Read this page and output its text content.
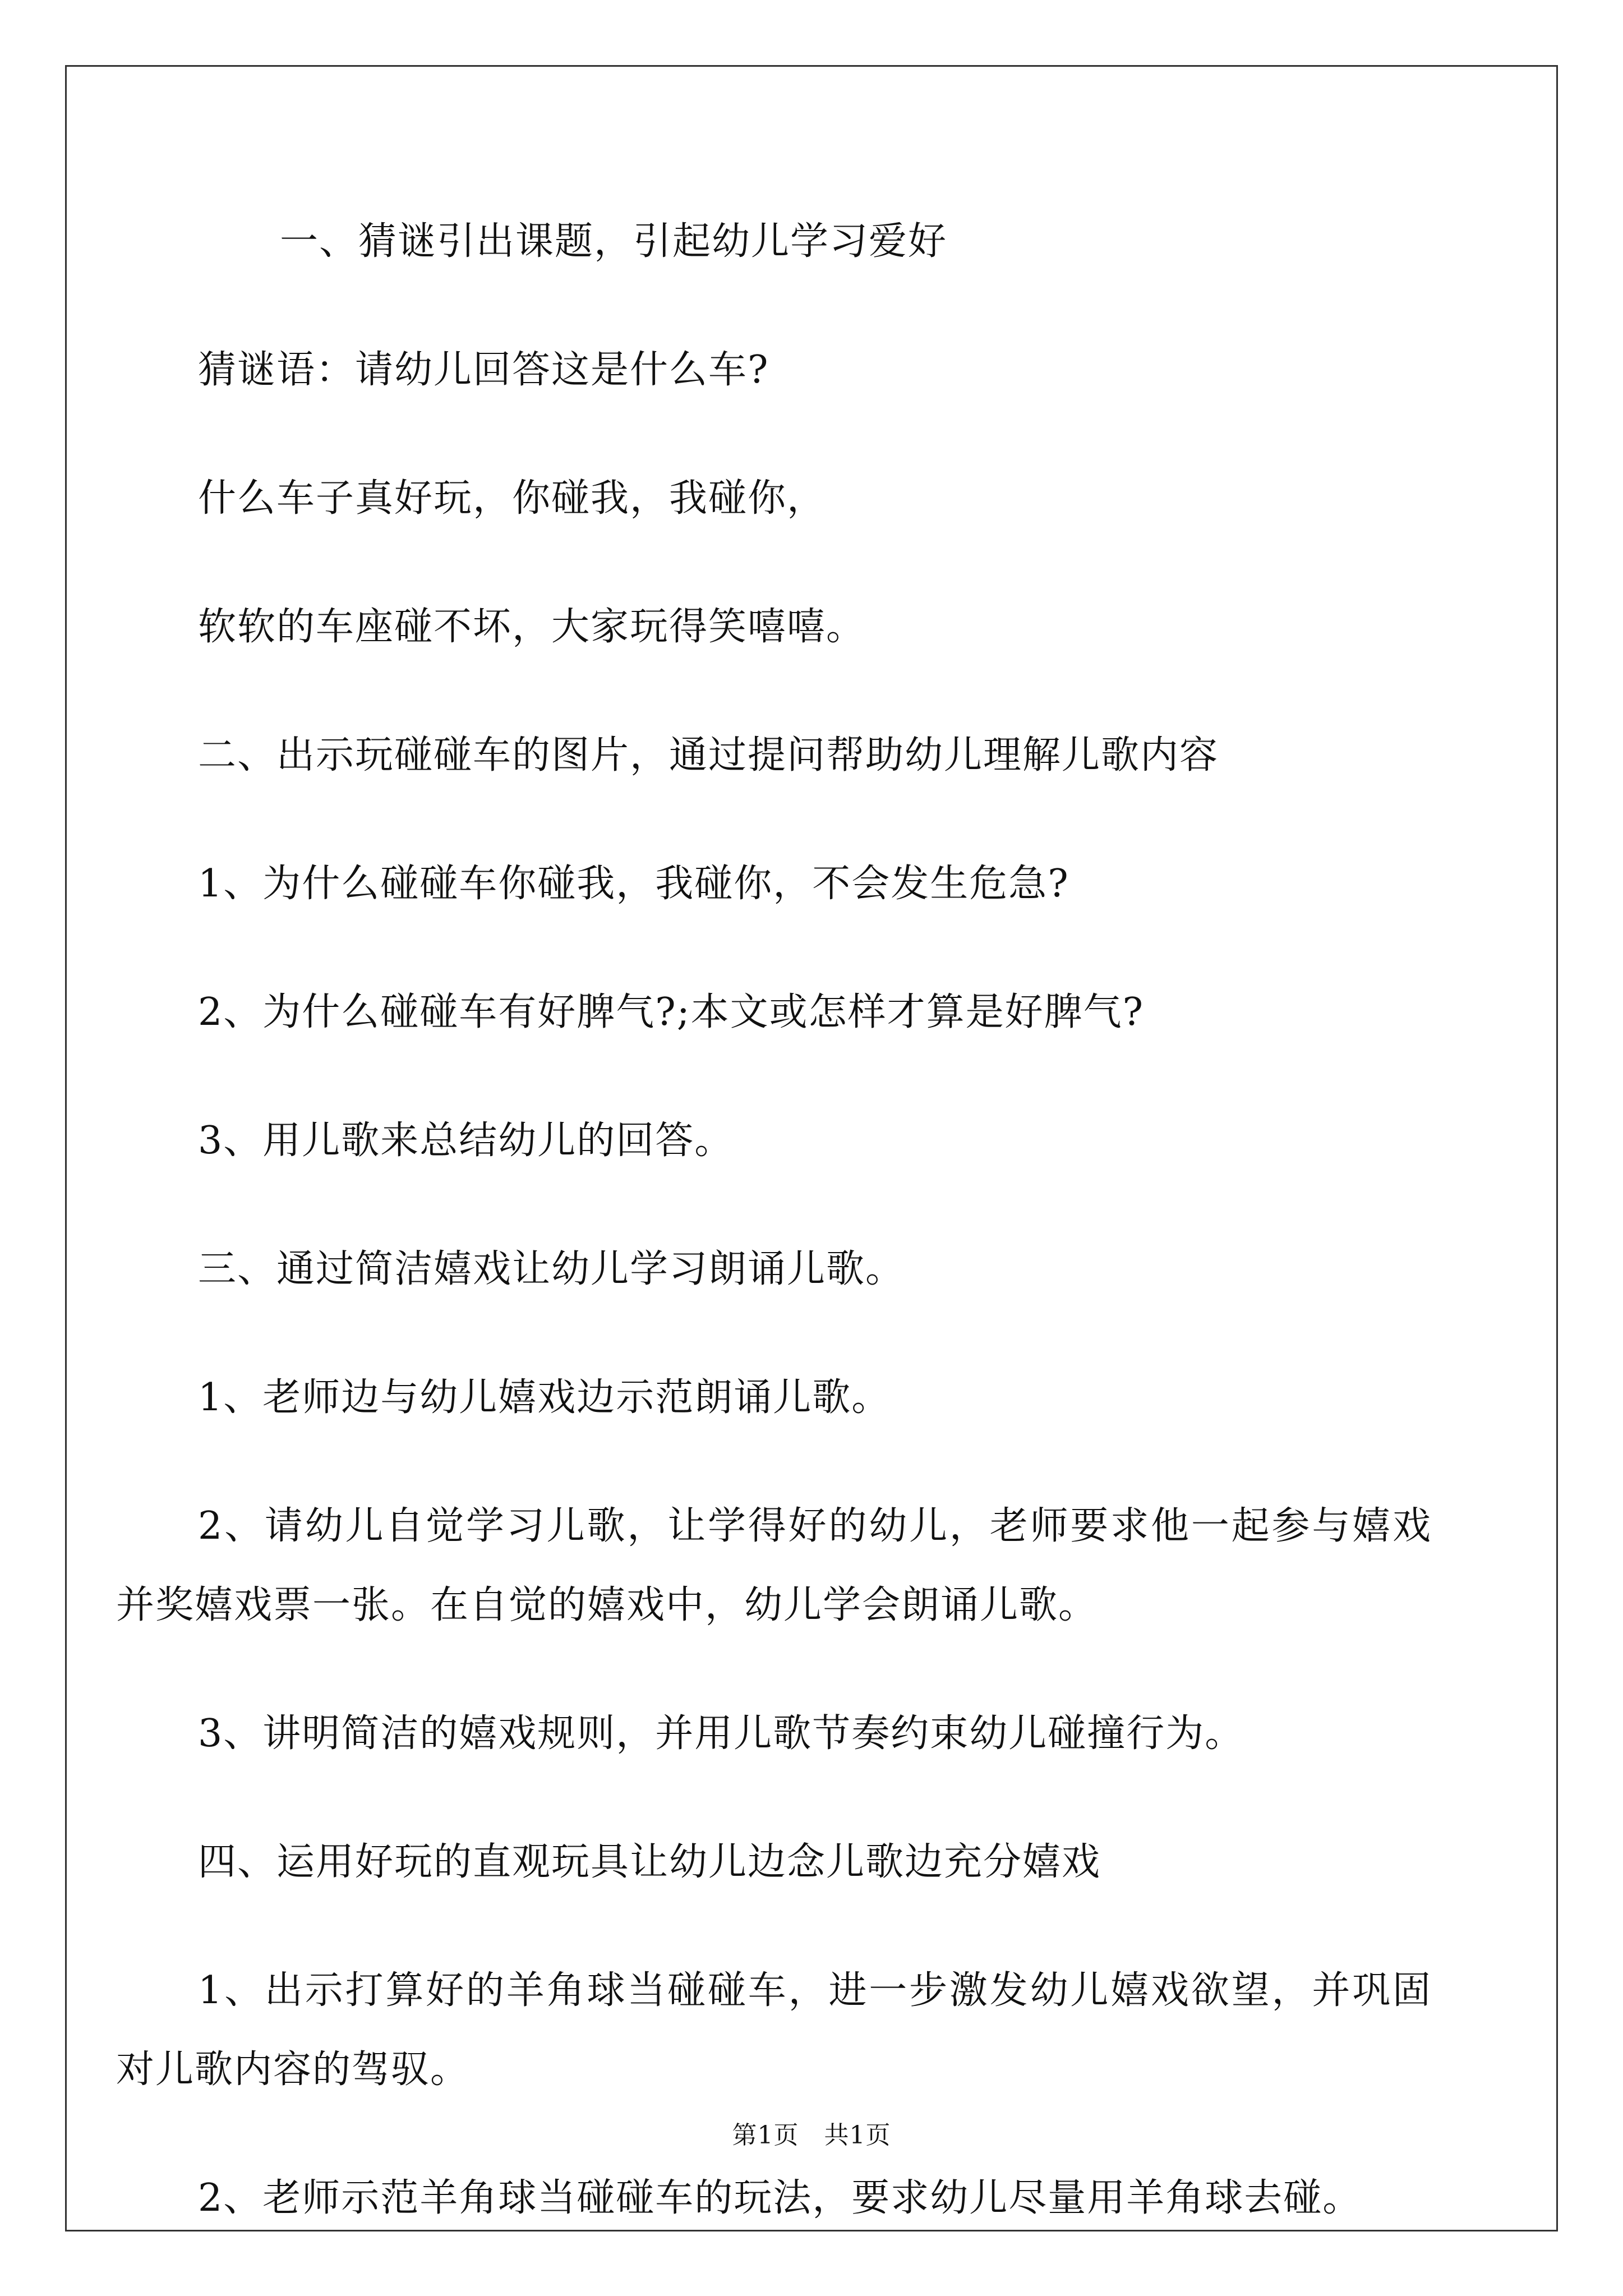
一、猜谜引出课题，引起幼儿学习爱好

猜谜语：请幼儿回答这是什么车?

什么车子真好玩，你碰我，我碰你，

软软的车座碰不坏，大家玩得笑嘻嘻。

二、出示玩碰碰车的图片，通过提问帮助幼儿理解儿歌内容

1、为什么碰碰车你碰我，我碰你，不会发生危急?

2、为什么碰碰车有好脾气?;本文或怎样才算是好脾气?

3、用儿歌来总结幼儿的回答。

三、通过简洁嬉戏让幼儿学习朗诵儿歌。

1、老师边与幼儿嬉戏边示范朗诵儿歌。

2、请幼儿自觉学习儿歌，让学得好的幼儿，老师要求他一起参与嬉戏并奖嬉戏票一张。在自觉的嬉戏中，幼儿学会朗诵儿歌。

3、讲明简洁的嬉戏规则，并用儿歌节奏约束幼儿碰撞行为。

四、运用好玩的直观玩具让幼儿边念儿歌边充分嬉戏

1、出示打算好的羊角球当碰碰车，进一步激发幼儿嬉戏欲望，并巩固对儿歌内容的驾驭。

2、老师示范羊角球当碰碰车的玩法，要求幼儿尽量用羊角球去碰。

第1页　共1页
